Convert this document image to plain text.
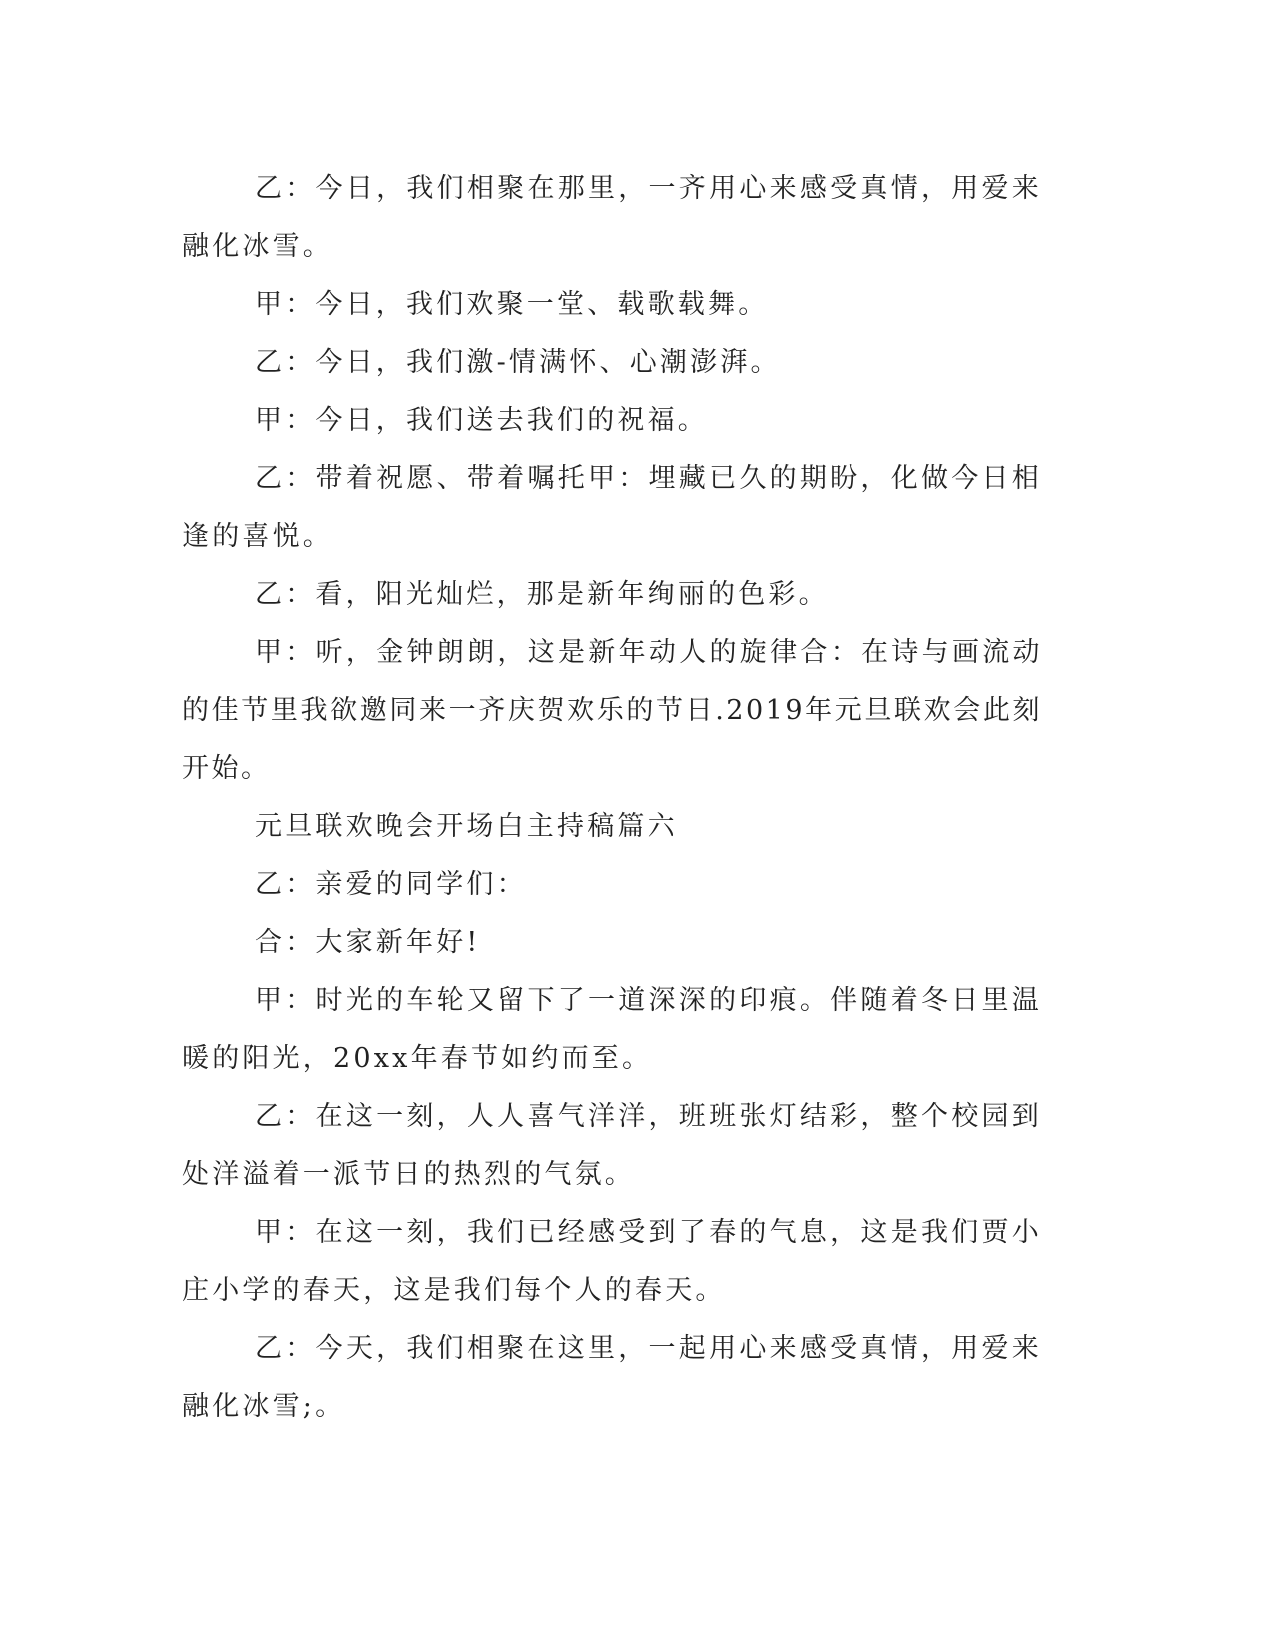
乙：今日，我们相聚在那里，一齐用心来感受真情，用爱来融化冰雪。

甲：今日，我们欢聚一堂、载歌载舞。

乙：今日，我们激-情满怀、心潮澎湃。

甲：今日，我们送去我们的祝福。

乙：带着祝愿、带着嘱托甲：埋藏已久的期盼，化做今日相逢的喜悦。

乙：看，阳光灿烂，那是新年绚丽的色彩。

甲：听，金钟朗朗，这是新年动人的旋律合：在诗与画流动的佳节里我欲邀同来一齐庆贺欢乐的节日.2019年元旦联欢会此刻开始。

元旦联欢晚会开场白主持稿篇六

乙：亲爱的同学们：

合：大家新年好!

甲：时光的车轮又留下了一道深深的印痕。伴随着冬日里温暖的阳光，20xx年春节如约而至。

乙：在这一刻，人人喜气洋洋，班班张灯结彩，整个校园到处洋溢着一派节日的热烈的气氛。

甲：在这一刻，我们已经感受到了春的气息，这是我们贾小庄小学的春天，这是我们每个人的春天。

乙：今天，我们相聚在这里，一起用心来感受真情，用爱来融化冰雪;。
